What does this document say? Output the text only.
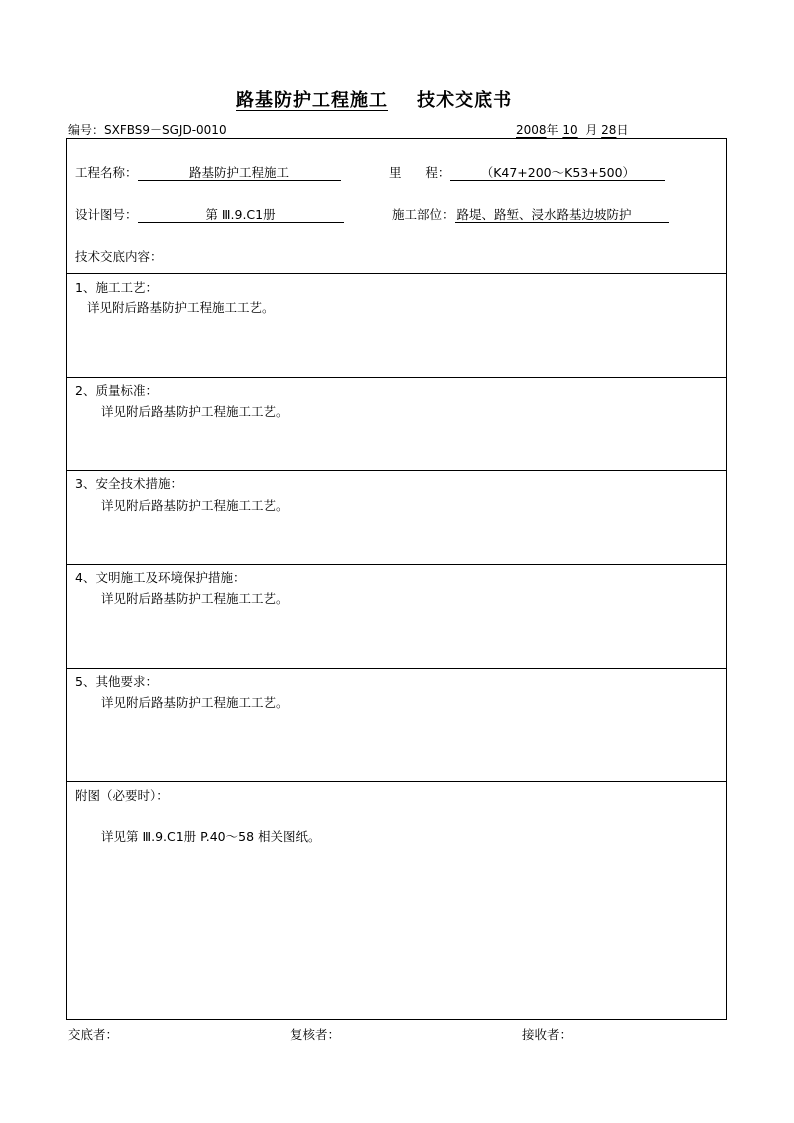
路基防护工程施工 技术交底书
编号：SXFBS9－SGJD-0010	2008年 10 月 28日
工程名称：	路基防护工程施工	里 程： （K47+200～K53+500）
设计图号：	第 Ⅲ.9.C1册	施工部位： 路堤、路堑、浸水路基边坡防护
技术交底内容：
1、施工工艺：
详见附后路基防护工程施工工艺。
2、质量标准：
详见附后路基防护工程施工工艺。
3、安全技术措施：
详见附后路基防护工程施工工艺。
4、文明施工及环境保护措施：
详见附后路基防护工程施工工艺。
5、其他要求：
详见附后路基防护工程施工工艺。
附图（必要时）：
详见第 Ⅲ.9.C1册 P.40～58 相关图纸。
交底者：	复核者：	接收者：
